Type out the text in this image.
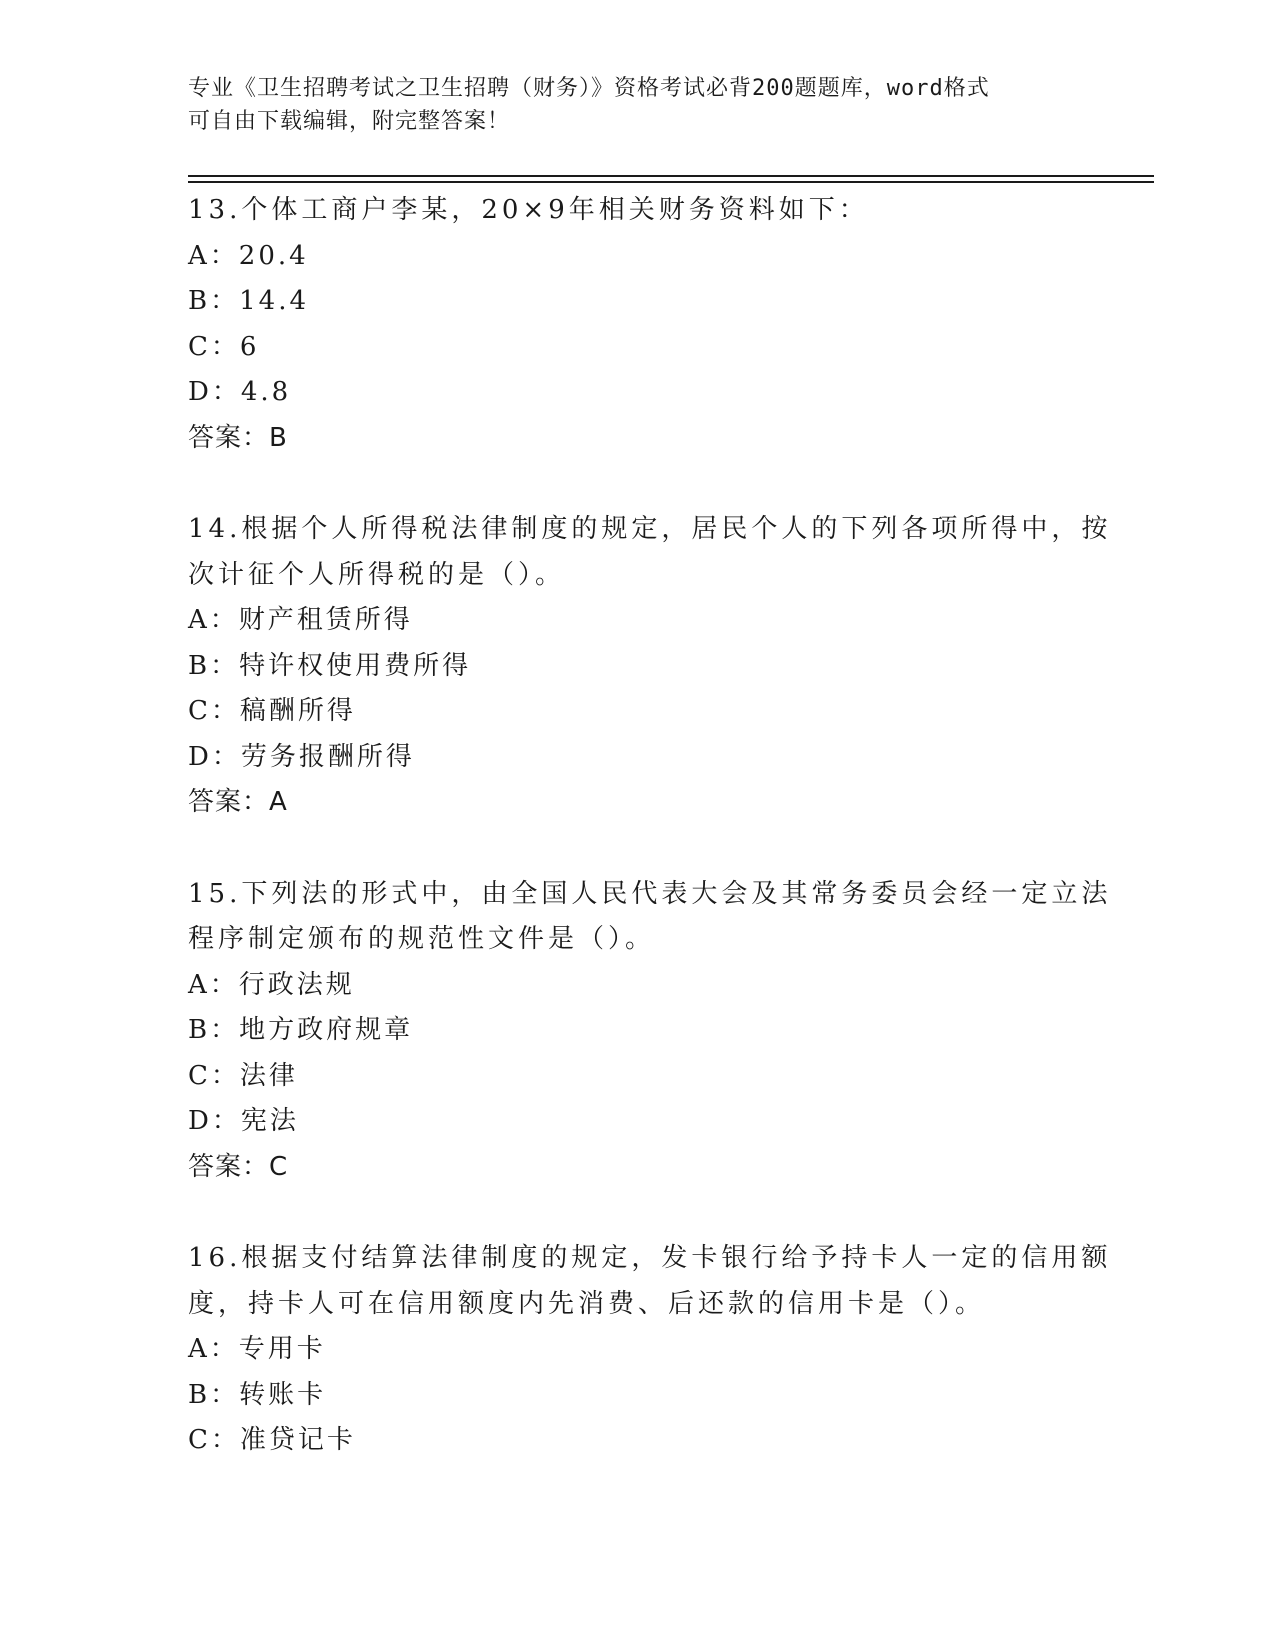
专业《卫生招聘考试之卫生招聘（财务）》资格考试必背200题题库，word格式
可自由下载编辑，附完整答案！
13.个体工商户李某，20×9年相关财务资料如下：
A：20.4
B：14.4
C：6
D：4.8
答案：B
14.根据个人所得税法律制度的规定，居民个人的下列各项所得中，按
次计征个人所得税的是（）。
A：财产租赁所得
B：特许权使用费所得
C：稿酬所得
D：劳务报酬所得
答案：A
15.下列法的形式中，由全国人民代表大会及其常务委员会经一定立法
程序制定颁布的规范性文件是（）。
A：行政法规
B：地方政府规章
C：法律
D：宪法
答案：C
16.根据支付结算法律制度的规定，发卡银行给予持卡人一定的信用额
度，持卡人可在信用额度内先消费、后还款的信用卡是（）。
A：专用卡
B：转账卡
C：准贷记卡
